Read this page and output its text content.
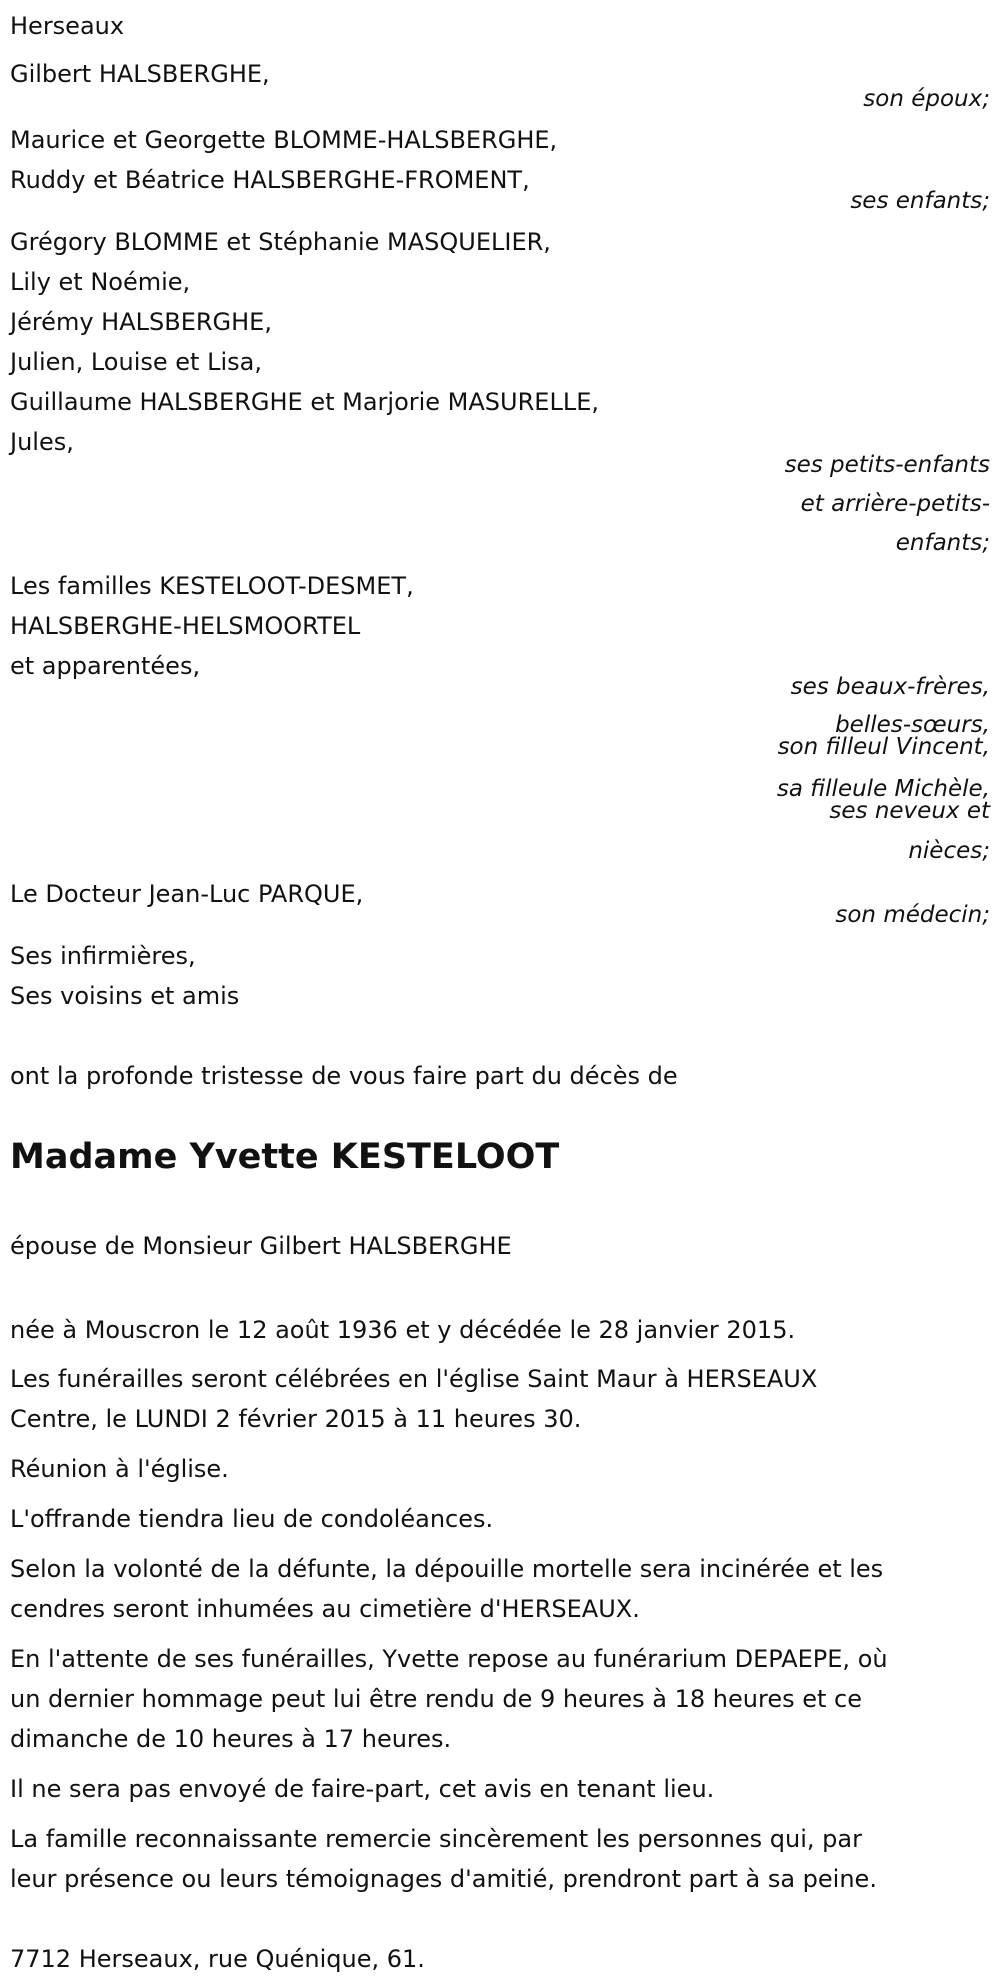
Herseaux
Gilbert HALSBERGHE,
son époux;
Maurice et Georgette BLOMME-HALSBERGHE,
Ruddy et Béatrice HALSBERGHE-FROMENT,
ses enfants;
Grégory BLOMME et Stéphanie MASQUELIER,
Lily et Noémie,
Jérémy HALSBERGHE,
Julien, Louise et Lisa,
Guillaume HALSBERGHE et Marjorie MASURELLE,
Jules,
ses petits-enfants
et arrière-petits-
enfants;
Les familles KESTELOOT-DESMET,
HALSBERGHE-HELSMOORTEL
et apparentées,
ses beaux-frères,
belles-sœurs,
son filleul Vincent,
sa filleule Michèle,
ses neveux et
nièces;
Le Docteur Jean-Luc PARQUE,
son médecin;
Ses infirmières,
Ses voisins et amis
ont la profonde tristesse de vous faire part du décès de
Madame Yvette KESTELOOT
épouse de Monsieur Gilbert HALSBERGHE
née à Mouscron le 12 août 1936 et y décédée le 28 janvier 2015.
Les funérailles seront célébrées en l'église Saint Maur à HERSEAUX
Centre, le LUNDI 2 février 2015 à 11 heures 30.
Réunion à l'église.
L'offrande tiendra lieu de condoléances.
Selon la volonté de la défunte, la dépouille mortelle sera incinérée et les
cendres seront inhumées au cimetière d'HERSEAUX.
En l'attente de ses funérailles, Yvette repose au funérarium DEPAEPE, où
un dernier hommage peut lui être rendu de 9 heures à 18 heures et ce
dimanche de 10 heures à 17 heures.
Il ne sera pas envoyé de faire-part, cet avis en tenant lieu.
La famille reconnaissante remercie sincèrement les personnes qui, par
leur présence ou leurs témoignages d'amitié, prendront part à sa peine.
7712 Herseaux, rue Quénique, 61.
